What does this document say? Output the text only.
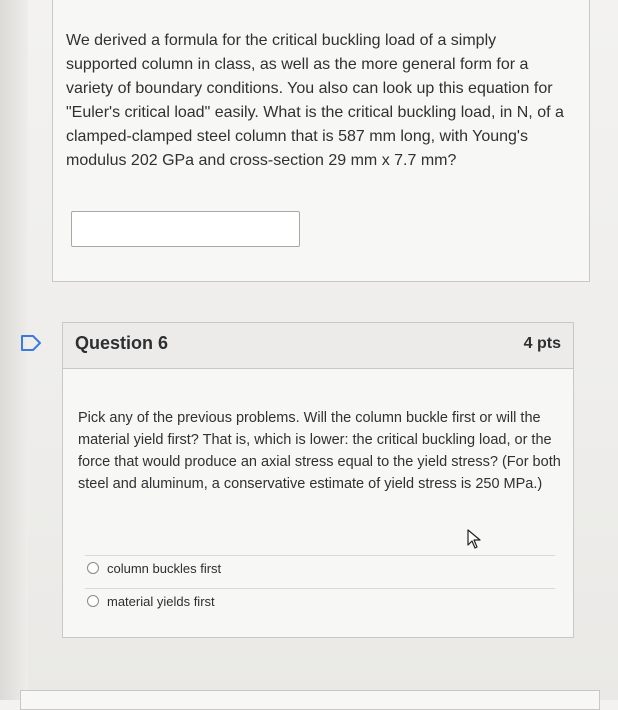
We derived a formula for the critical buckling load of a simply supported column in class, as well as the more general form for a variety of boundary conditions. You also can look up this equation for "Euler's critical load" easily. What is the critical buckling load, in N, of a clamped-clamped steel column that is 587 mm long, with Young's modulus 202 GPa and cross-section 29 mm x 7.7 mm?
Question 6	4 pts
Pick any of the previous problems. Will the column buckle first or will the material yield first? That is, which is lower: the critical buckling load, or the force that would produce an axial stress equal to the yield stress? (For both steel and aluminum, a conservative estimate of yield stress is 250 MPa.)
column buckles first
material yields first
